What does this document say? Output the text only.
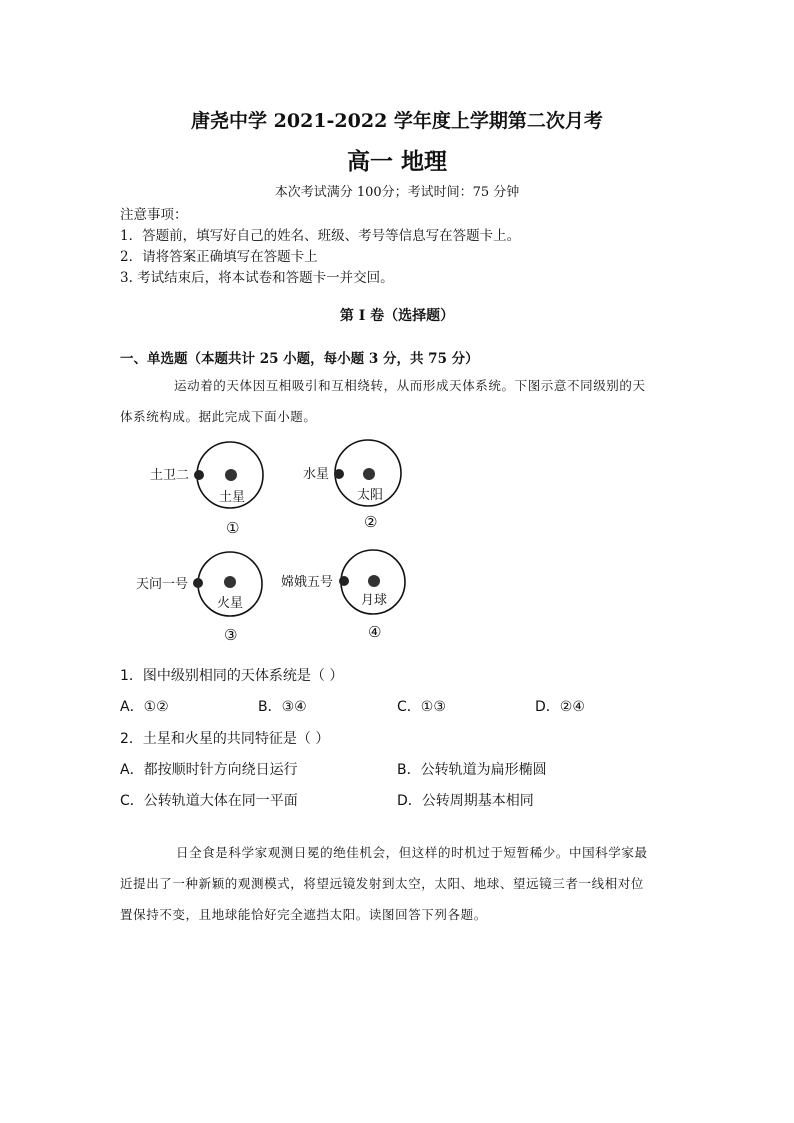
唐尧中学 2021-2022 学年度上学期第二次月考
高一 地理
本次考试满分 100分；考试时间：75 分钟
注意事项：
1．答题前，填写好自己的姓名、班级、考号等信息写在答题卡上。
2．请将答案正确填写在答题卡上
3. 考试结束后，将本试卷和答题卡一并交回。
第 I 卷（选择题）
一、单选题（本题共计 25 小题，每小题 3 分，共 75 分）
运动着的天体因互相吸引和互相绕转，从而形成天体系统。下图示意不同级别的天
体系统构成。据此完成下面小题。
土卫二
土星
①
水星
太阳
②
天问一号
火星
③
嫦娥五号
月球
④
1．图中级别相同的天体系统是（ ）
A．①②	B．③④	C．①③	D．②④
2．土星和火星的共同特征是（ ）
A．都按顺时针方向绕日运行	B．公转轨道为扁形椭圆
C．公转轨道大体在同一平面	D．公转周期基本相同
日全食是科学家观测日冕的绝佳机会，但这样的时机过于短暂稀少。中国科学家最
近提出了一种新颖的观测模式，将望远镜发射到太空，太阳、地球、望远镜三者一线相对位
置保持不变，且地球能恰好完全遮挡太阳。读图回答下列各题。
